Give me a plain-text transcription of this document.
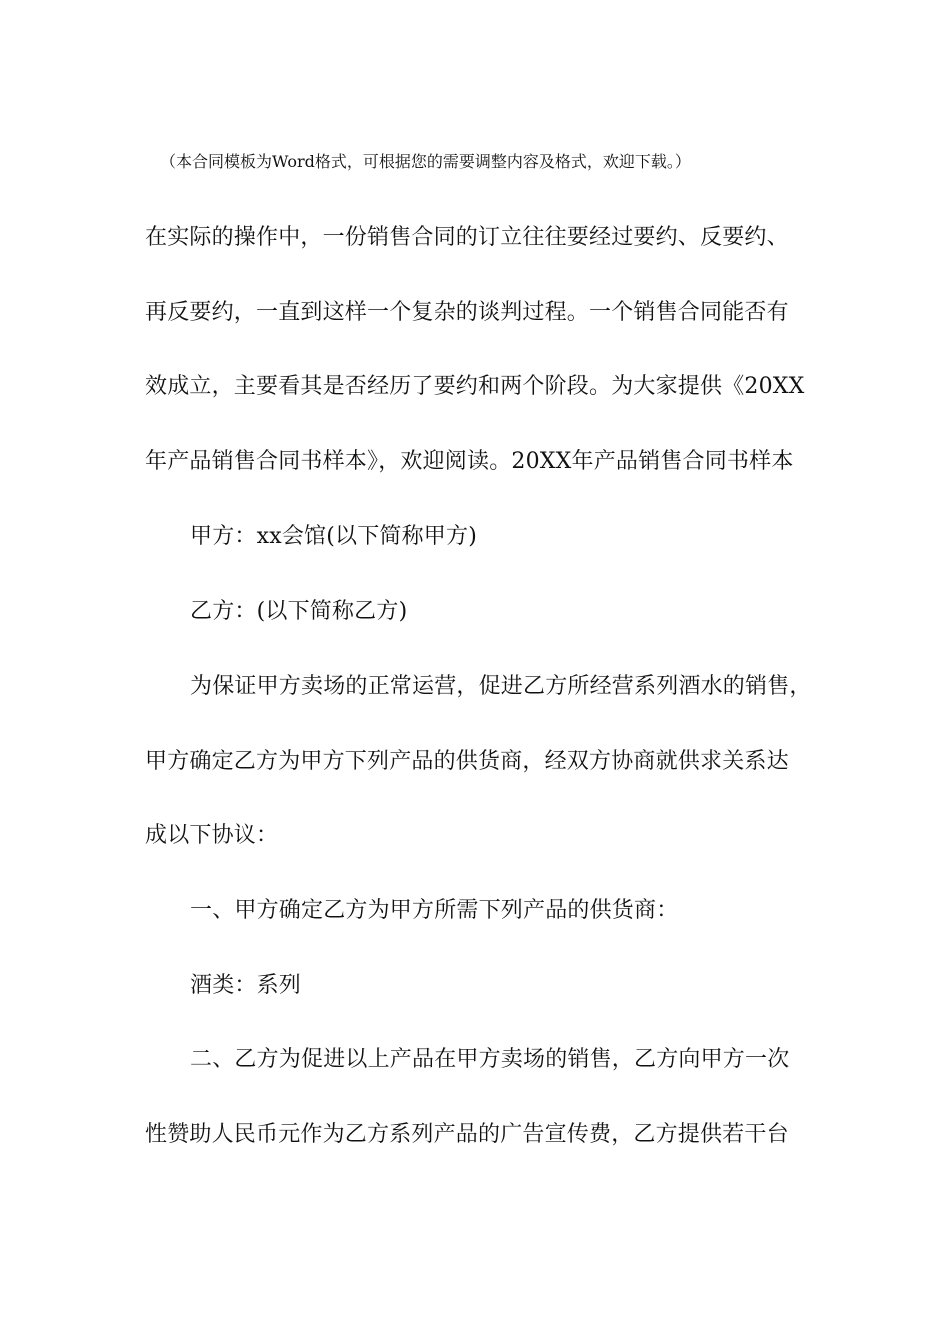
（本合同模板为Word格式，可根据您的需要调整内容及格式，欢迎下载。）
在实际的操作中，一份销售合同的订立往往要经过要约、反要约、
再反要约，一直到这样一个复杂的谈判过程。一个销售合同能否有
效成立，主要看其是否经历了要约和两个阶段。为大家提供《20XX
年产品销售合同书样本》，欢迎阅读。20XX年产品销售合同书样本
甲方：xx会馆(以下简称甲方)
乙方：(以下简称乙方)
为保证甲方卖场的正常运营，促进乙方所经营系列酒水的销售，
甲方确定乙方为甲方下列产品的供货商，经双方协商就供求关系达
成以下协议：
一、甲方确定乙方为甲方所需下列产品的供货商：
酒类：系列
二、乙方为促进以上产品在甲方卖场的销售，乙方向甲方一次
性赞助人民币元作为乙方系列产品的广告宣传费，乙方提供若干台
